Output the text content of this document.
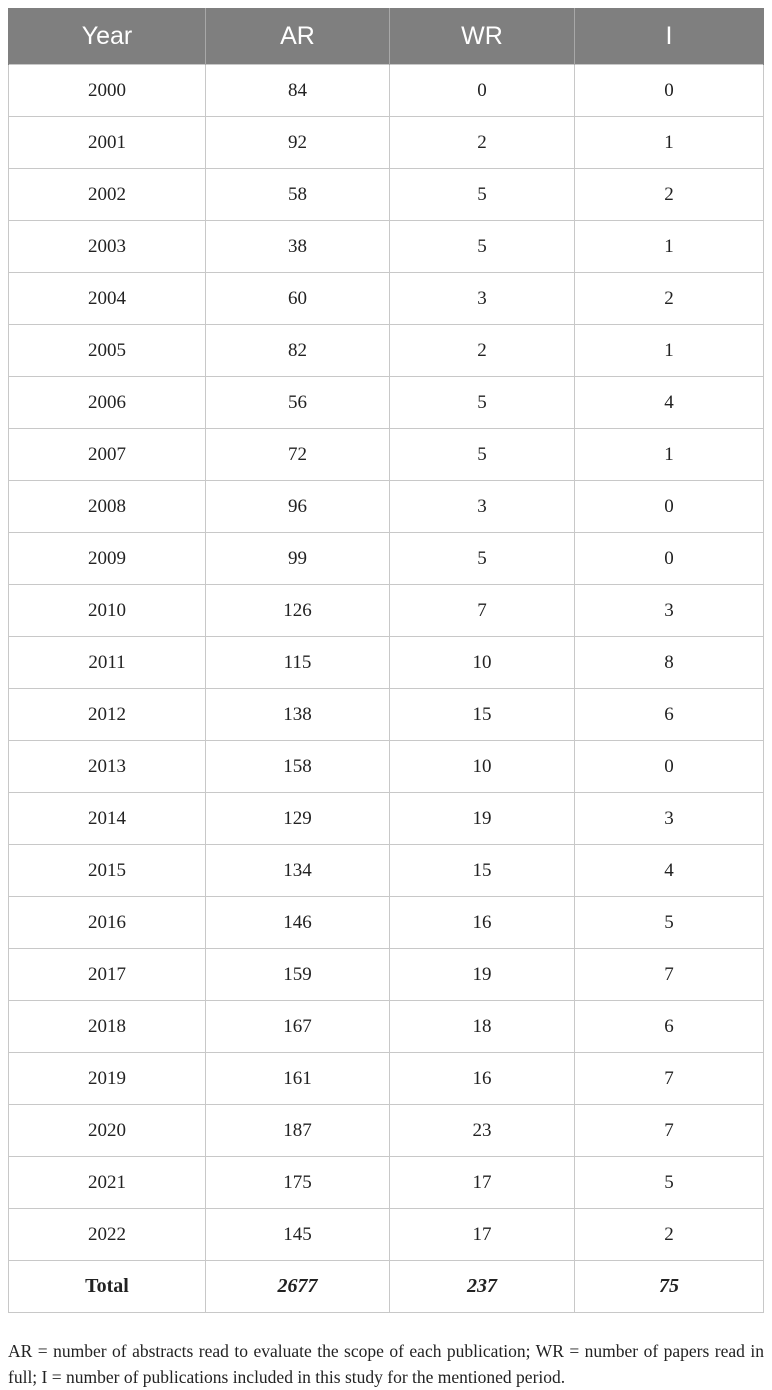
Year	AR	WR	I
2000	84	0	0
2001	92	2	1
2002	58	5	2
2003	38	5	1
2004	60	3	2
2005	82	2	1
2006	56	5	4
2007	72	5	1
2008	96	3	0
2009	99	5	0
2010	126	7	3
2011	115	10	8
2012	138	15	6
2013	158	10	0
2014	129	19	3
2015	134	15	4
2016	146	16	5
2017	159	19	7
2018	167	18	6
2019	161	16	7
2020	187	23	7
2021	175	17	5
2022	145	17	2
Total	2677	237	75

AR = number of abstracts read to evaluate the scope of each publication; WR = number of papers read in full; I = number of publications included in this study for the mentioned period.
